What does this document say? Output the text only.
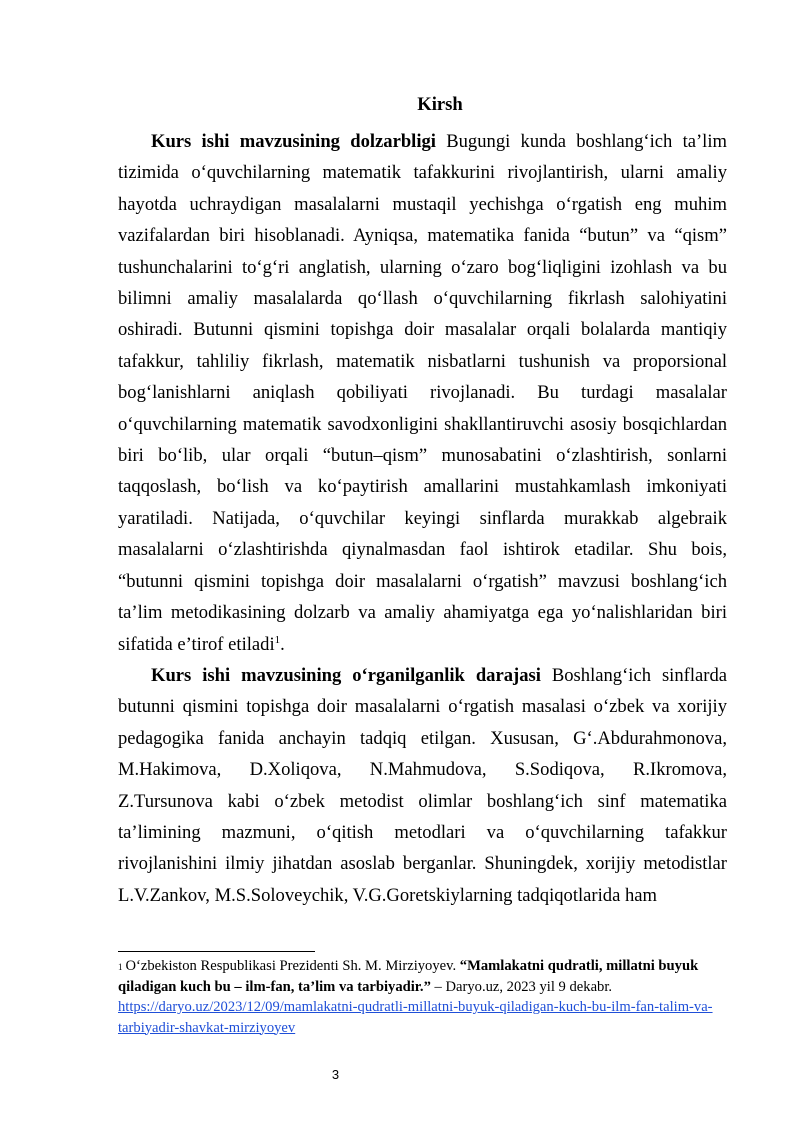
Kirsh

Kurs ishi mavzusining dolzarbligi Bugungi kunda boshlang‘ich ta’lim tizimida o‘quvchilarning matematik tafakkurini rivojlantirish, ularni amaliy hayotda uchraydigan masalalarni mustaqil yechishga o‘rgatish eng muhim vazifalardan biri hisoblanadi. Ayniqsa, matematika fanida “butun” va “qism” tushunchalarini to‘g‘ri anglatish, ularning o‘zaro bog‘liqligini izohlash va bu bilimni amaliy masalalarda qo‘llash o‘quvchilarning fikrlash salohiyatini oshiradi. Butunni qismini topishga doir masalalar orqali bolalarda mantiqiy tafakkur, tahliliy fikrlash, matematik nisbatlarni tushunish va proporsional bog‘lanishlarni aniqlash qobiliyati rivojlanadi. Bu turdagi masalalar o‘quvchilarning matematik savodxonligini shakllantiruvchi asosiy bosqichlardan biri bo‘lib, ular orqali “butun–qism” munosabatini o‘zlashtirish, sonlarni taqqoslash, bo‘lish va ko‘paytirish amallarini mustahkamlash imkoniyati yaratiladi. Natijada, o‘quvchilar keyingi sinflarda murakkab algebraik masalalarni o‘zlashtirishda qiynalmasdan faol ishtirok etadilar. Shu bois, “butunni qismini topishga doir masalalarni o‘rgatish” mavzusi boshlang‘ich ta’lim metodikasining dolzarb va amaliy ahamiyatga ega yo‘nalishlaridan biri sifatida e’tirof etiladi$^1$.

Kurs ishi mavzusining o‘rganilganlik darajasi Boshlang‘ich sinflarda butunni qismini topishga doir masalalarni o‘rgatish masalasi o‘zbek va xorijiy pedagogika fanida anchayin tadqiq etilgan. Xususan, G‘.Abdurahmonova, M.Hakimova, D.Xoliqova, N.Mahmudova, S.Sodiqova, R.Ikromova, Z.Tursunova kabi o‘zbek metodist olimlar boshlang‘ich sinf matematika ta’limining mazmuni, o‘qitish metodlari va o‘quvchilarning tafakkur rivojlanishini ilmiy jihatdan asoslab berganlar. Shuningdek, xorijiy metodistlar L.V.Zankov, M.S.Soloveychik, V.G.Goretskiylarning tadqiqotlarida ham

$^1$ O‘zbekiston Respublikasi Prezidenti Sh. M. Mirziyoyev. “Mamlakatni qudratli, millatni buyuk qiladigan kuch bu – ilm-fan, ta’lim va tarbiyadir.” – Daryo.uz, 2023 yil 9 dekabr. https://daryo.uz/2023/12/09/mamlakatni-qudratli-millatni-buyuk-qiladigan-kuch-bu-ilm-fan-talim-va-tarbiyadir-shavkat-mirziyoyev
3
